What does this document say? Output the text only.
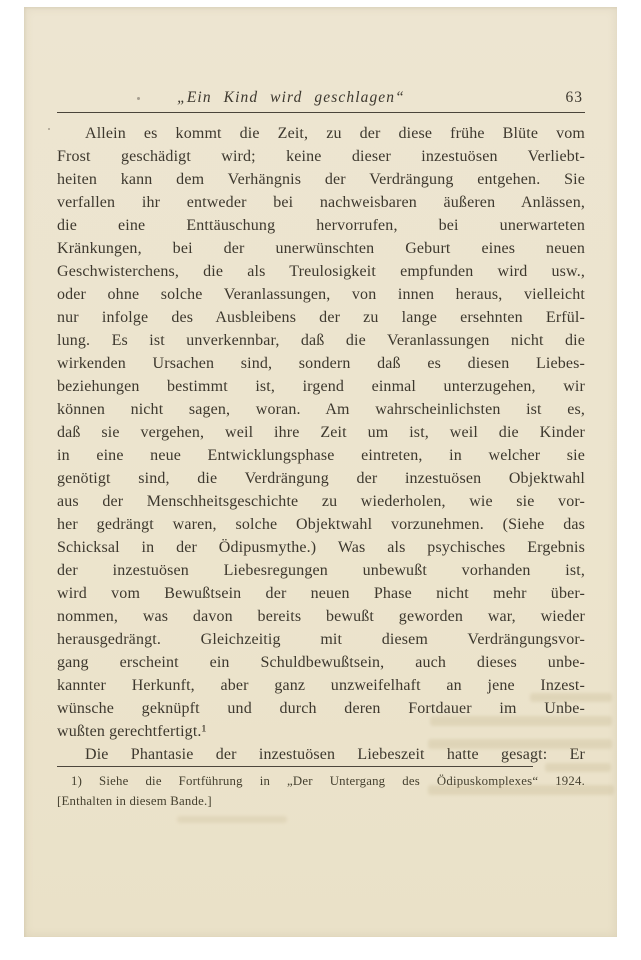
„Ein Kind wird geschlagen“	63
Allein es kommt die Zeit, zu der diese frühe Blüte vom
Frost geschädigt wird; keine dieser inzestuösen Verliebt-
heiten kann dem Verhängnis der Verdrängung entgehen. Sie
verfallen ihr entweder bei nachweisbaren äußeren Anlässen,
die eine Enttäuschung hervorrufen, bei unerwarteten
Kränkungen, bei der unerwünschten Geburt eines neuen
Geschwisterchens, die als Treulosigkeit empfunden wird usw.,
oder ohne solche Veranlassungen, von innen heraus, vielleicht
nur infolge des Ausbleibens der zu lange ersehnten Erfül-
lung. Es ist unverkennbar, daß die Veranlassungen nicht die
wirkenden Ursachen sind, sondern daß es diesen Liebes-
beziehungen bestimmt ist, irgend einmal unterzugehen, wir
können nicht sagen, woran. Am wahrscheinlichsten ist es,
daß sie vergehen, weil ihre Zeit um ist, weil die Kinder
in eine neue Entwicklungsphase eintreten, in welcher sie
genötigt sind, die Verdrängung der inzestuösen Objektwahl
aus der Menschheitsgeschichte zu wiederholen, wie sie vor-
her gedrängt waren, solche Objektwahl vorzunehmen. (Siehe das
Schicksal in der Ödipusmythe.) Was als psychisches Ergebnis
der inzestuösen Liebesregungen unbewußt vorhanden ist,
wird vom Bewußtsein der neuen Phase nicht mehr über-
nommen, was davon bereits bewußt geworden war, wieder
herausgedrängt. Gleichzeitig mit diesem Verdrängungsvor-
gang erscheint ein Schuldbewußtsein, auch dieses unbe-
kannter Herkunft, aber ganz unzweifelhaft an jene Inzest-
wünsche geknüpft und durch deren Fortdauer im Unbe-
wußten gerechtfertigt.¹
Die Phantasie der inzestuösen Liebeszeit hatte gesagt: Er
1) Siehe die Fortführung in „Der Untergang des Ödipuskomplexes“ 1924.
[Enthalten in diesem Bande.]
